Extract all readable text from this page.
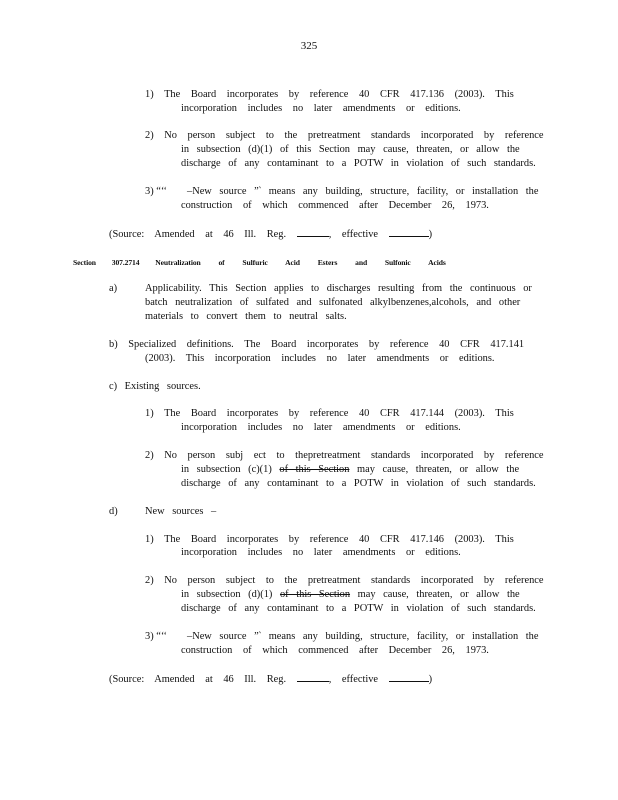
325
1) The Board incorporates by reference 40 CFR 417.136 (2003). This
incorporation includes no later amendments or editions.
2) No person subject to the pretreatment standards incorporated by reference
in subsection (d)(1) of this Section may cause, threaten, or allow the
discharge of any contaminant to a POTW in violation of such standards.
3) “‘‘ –New source ”‵ means any building, structure, facility, or installation the
construction of which commenced after December 26, 1973.
(Source: Amended at 46 Ill. Reg.	, effective	)
Section 307.2714 Neutralization of Sulfuric Acid Esters and Sulfonic Acids
a)	Applicability. This Section applies to discharges resulting from the continuous or
batch neutralization of sulfated and sulfonated alkylbenzenes,alcohols, and other
materials to convert them to neutral salts.
b) Specialized definitions. The Board incorporates by reference 40 CFR 417.141
(2003). This incorporation includes no later amendments or editions.
c) Existing sources.
1) The Board incorporates by reference 40 CFR 417.144 (2003). This
incorporation includes no later amendments or editions.
2) No person subj ect to thepretreatment standards incorporated by reference
in subsection (c)(1) of this Section may cause, threaten, or allow the
discharge of any contaminant to a POTW in violation of such standards.
d)	New sources –
1) The Board incorporates by reference 40 CFR 417.146 (2003). This
incorporation includes no later amendments or editions.
2) No person subject to the pretreatment standards incorporated by reference
in subsection (d)(1) of this Section may cause, threaten, or allow the
discharge of any contaminant to a POTW in violation of such standards.
3) “‘‘ –New source ”‵ means any building, structure, facility, or installation the
construction of which commenced after December 26, 1973.
(Source: Amended at 46 Ill. Reg.	, effective	)
